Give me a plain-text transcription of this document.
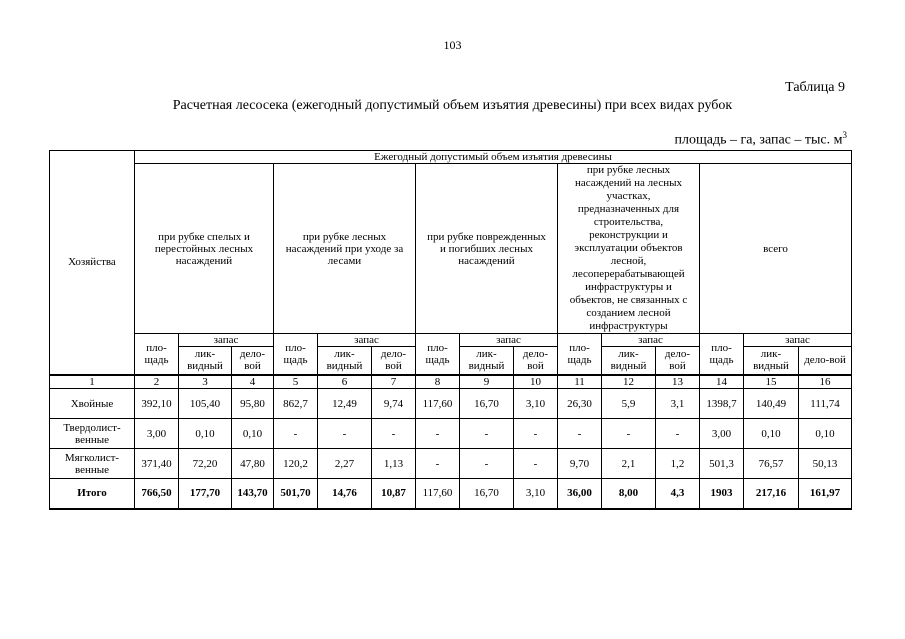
103
Таблица 9
Расчетная лесосека (ежегодный допустимый объем изъятия древесины) при всех видах рубок
площадь – га, запас – тыс. $м^3$
Хозяйства	Ежегодный допустимый объем изъятия древесины														
	при рубке спелых и перестойных лесных насаждений			при рубке лесных насаждений при уходе за лесами			при рубке поврежденных и погибших лесных насаждений			при рубке лесных насаждений на лесных участках, предназначенных для строительства, реконструкции и эксплуатации объектов лесной, лесоперерабатывающей инфраструктуры и объектов, не связанных с созданием лесной инфраструктуры			всего		
	пло-щадь	запас		пло-щадь	запас		пло-щадь	запас		пло-щадь	запас		пло-щадь	запас	
		лик-видный	дело-вой		лик-видный	дело-вой		лик-видный	дело-вой		лик-видный	дело-вой		лик-видный	дело-вой
1	2	3	4	5	6	7	8	9	10	11	12	13	14	15	16
Хвойные	392,10	105,40	95,80	862,7	12,49	9,74	117,60	16,70	3,10	26,30	5,9	3,1	1398,7	140,49	111,74
Твердолист-венные	3,00	0,10	0,10	-	-	-	-	-	-	-	-	-	3,00	0,10	0,10
Мягколист-венные	371,40	72,20	47,80	120,2	2,27	1,13	-	-	-	9,70	2,1	1,2	501,3	76,57	50,13
Итого	766,50	177,70	143,70	501,70	14,76	10,87	117,60	16,70	3,10	36,00	8,00	4,3	1903	217,16	161,97
